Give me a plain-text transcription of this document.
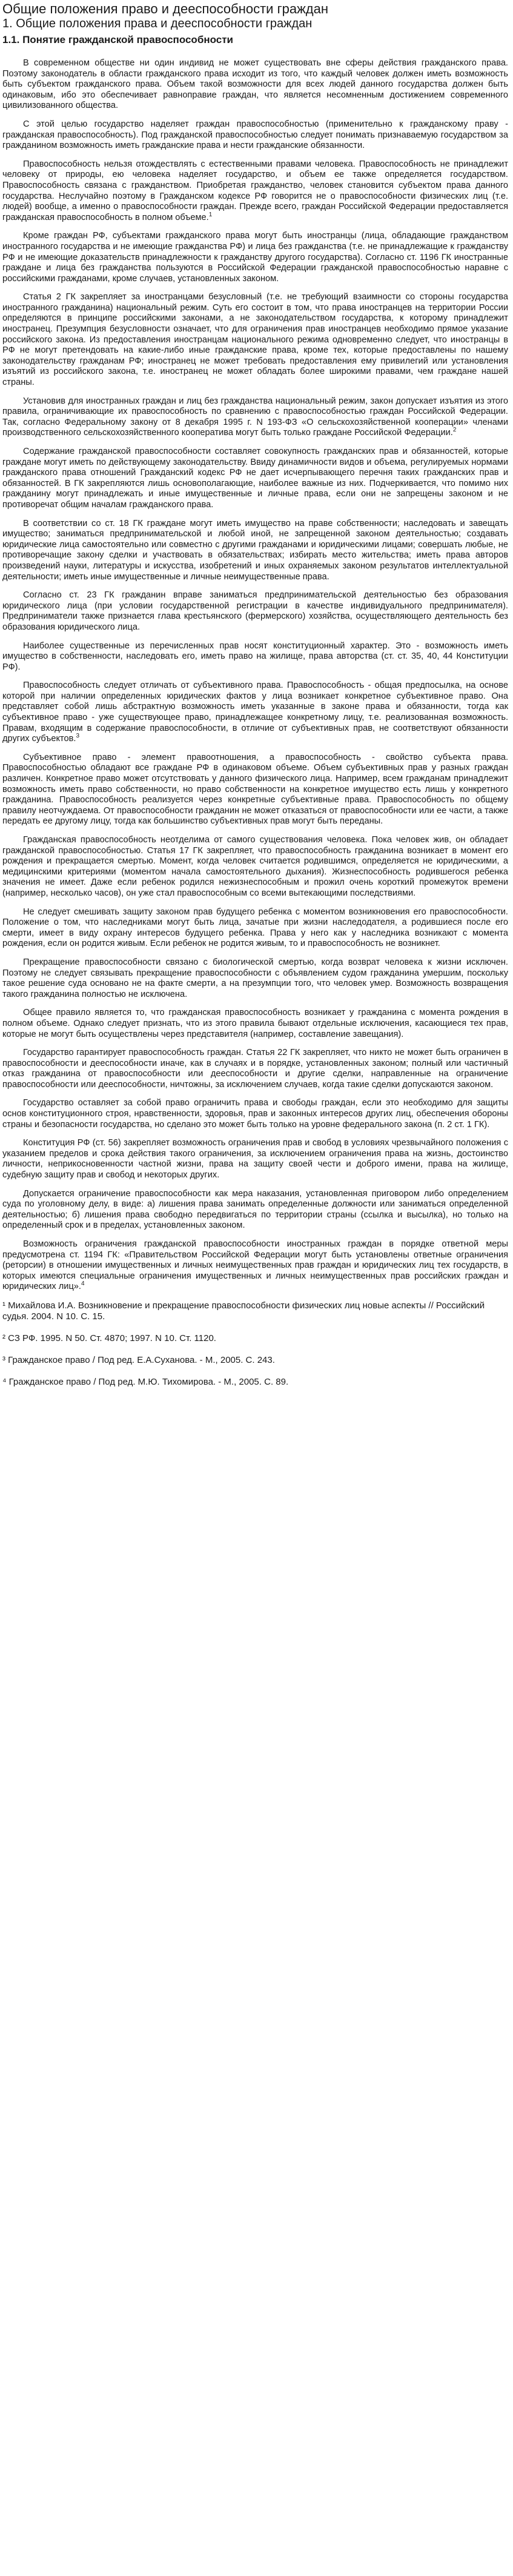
Общие положения право и дееспособности граждан
1. Общие положения права и дееспособности граждан
1.1. Понятие гражданской правоспособности

В современном обществе ни один индивид не может существовать вне сферы действия гражданского права. Поэтому законодатель в области гражданского права исходит из того, что каждый человек должен иметь возможность быть субъектом гражданского права. Объем такой возможности для всех людей данного государства должен быть одинаковым, ибо это обеспечивает равноправие граждан, что является несомненным достижением современного цивилизованного общества.

С этой целью государство наделяет граждан правоспособностью (применительно к гражданскому праву - гражданская правоспособность). Под гражданской правоспособностью следует понимать признаваемую государством за гражданином возможность иметь гражданские права и нести гражданские обязанности.

Правоспособность нельзя отождествлять с естественными правами человека. Правоспособность не принадлежит человеку от природы, ею человека наделяет государство, и объем ее также определяется государством. Правоспособность связана с гражданством. Приобретая гражданство, человек становится субъектом права данного государства. Неслучайно поэтому в Гражданском кодексе РФ говорится не о правоспособности физических лиц (т.е. людей) вообще, а именно о правоспособности граждан. Прежде всего, граждан Российской Федерации предоставляется гражданская правоспособность в полном объеме.$^1$

Кроме граждан РФ, субъектами гражданского права могут быть иностранцы (лица, обладающие гражданством иностранного государства и не имеющие гражданства РФ) и лица без гражданства (т.е. не принадлежащие к гражданству РФ и не имеющие доказательств принадлежности к гражданству другого государства). Согласно ст. 1196 ГК иностранные граждане и лица без гражданства пользуются в Российской Федерации гражданской правоспособностью наравне с российскими гражданами, кроме случаев, установленных законом.

Статья 2 ГК закрепляет за иностранцами безусловный (т.е. не требующий взаимности со стороны государства иностранного гражданина) национальный режим. Суть его состоит в том, что права иностранцев на территории России определяются в принципе российскими законами, а не законодательством государства, к которому принадлежит иностранец. Презумпция безусловности означает, что для ограничения прав иностранцев необходимо прямое указание российского закона. Из предоставления иностранцам национального режима одновременно следует, что иностранцы в РФ не могут претендовать на какие-либо иные гражданские права, кроме тех, которые предоставлены по нашему законодательству гражданам РФ; иностранец не может требовать предоставления ему привилегий или установления изъятий из российского закона, т.е. иностранец не может обладать более широкими правами, чем граждане нашей страны.

Установив для иностранных граждан и лиц без гражданства национальный режим, закон допускает изъятия из этого правила, ограничивающие их правоспособность по сравнению с правоспособностью граждан Российской Федерации. Так, согласно Федеральному закону от 8 декабря 1995 г. N 193-ФЗ «О сельскохозяйственной кооперации» членами производственного сельскохозяйственного кооператива могут быть только граждане Российской Федерации.$^2$

Содержание гражданской правоспособности составляет совокупность гражданских прав и обязанностей, которые граждане могут иметь по действующему законодательству. Ввиду динамичности видов и объема, регулируемых нормами гражданского права отношений Гражданский кодекс РФ не дает исчерпывающего перечня таких гражданских прав и обязанностей. В ГК закрепляются лишь основополагающие, наиболее важные из них. Подчеркивается, что помимо них гражданину могут принадлежать и иные имущественные и личные права, если они не запрещены законом и не противоречат общим началам гражданского права.

В соответствии со ст. 18 ГК граждане могут иметь имущество на праве собственности; наследовать и завещать имущество; заниматься предпринимательской и любой иной, не запрещенной законом деятельностью; создавать юридические лица самостоятельно или совместно с другими гражданами и юридическими лицами; совершать любые, не противоречащие закону сделки и участвовать в обязательствах; избирать место жительства; иметь права авторов произведений науки, литературы и искусства, изобретений и иных охраняемых законом результатов интеллектуальной деятельности; иметь иные имущественные и личные неимущественные права.

Согласно ст. 23 ГК гражданин вправе заниматься предпринимательской деятельностью без образования юридического лица (при условии государственной регистрации в качестве индивидуального предпринимателя). Предприниматели также признается глава крестьянского (фермерского) хозяйства, осуществляющего деятельность без образования юридического лица.

Наиболее существенные из перечисленных прав носят конституционный характер. Это - возможность иметь имущество в собственности, наследовать его, иметь право на жилище, права авторства (ст. ст. 35, 40, 44 Конституции РФ).

Правоспособность следует отличать от субъективного права. Правоспособность - общая предпосылка, на основе которой при наличии определенных юридических фактов у лица возникает конкретное субъективное право. Она представляет собой лишь абстрактную возможность иметь указанные в законе права и обязанности, тогда как субъективное право - уже существующее право, принадлежащее конкретному лицу, т.е. реализованная возможность. Правам, входящим в содержание правоспособности, в отличие от субъективных прав, не соответствуют обязанности других субъектов.$^3$

Субъективное право - элемент правоотношения, а правоспособность - свойство субъекта права. Правоспособностью обладают все граждане РФ в одинаковом объеме. Объем субъективных прав у разных граждан различен. Конкретное право может отсутствовать у данного физического лица. Например, всем гражданам принадлежит возможность иметь право собственности, но право собственности на конкретное имущество есть лишь у конкретного гражданина. Правоспособность реализуется через конкретные субъективные права. Правоспособность по общему правилу неотчуждаема. От правоспособности гражданин не может отказаться от правоспособности или ее части, а также передать ее другому лицу, тогда как большинство субъективных прав могут быть переданы.

Гражданская правоспособность неотделима от самого существования человека. Пока человек жив, он обладает гражданской правоспособностью. Статья 17 ГК закрепляет, что правоспособность гражданина возникает в момент его рождения и прекращается смертью. Момент, когда человек считается родившимся, определяется не юридическими, а медицинскими критериями (моментом начала самостоятельного дыхания). Жизнеспособность родившегося ребенка значения не имеет. Даже если ребенок родился нежизнеспособным и прожил очень короткий промежуток времени (например, несколько часов), он уже стал правоспособным со всеми вытекающими последствиями.

Не следует смешивать защиту законом прав будущего ребенка с моментом возникновения его правоспособности. Положение о том, что наследниками могут быть лица, зачатые при жизни наследодателя, а родившиеся после его смерти, имеет в виду охрану интересов будущего ребенка. Права у него как у наследника возникают с момента рождения, если он родится живым. Если ребенок не родится живым, то и правоспособность не возникнет.

Прекращение правоспособности связано с биологической смертью, когда возврат человека к жизни исключен. Поэтому не следует связывать прекращение правоспособности с объявлением судом гражданина умершим, поскольку такое решение суда основано не на факте смерти, а на презумпции того, что человек умер. Возможность возвращения такого гражданина полностью не исключена.

Общее правило является то, что гражданская правоспособность возникает у гражданина с момента рождения в полном объеме. Однако следует признать, что из этого правила бывают отдельные исключения, касающиеся тех прав, которые не могут быть осуществлены через представителя (например, составление завещания).

Государство гарантирует правоспособность граждан. Статья 22 ГК закрепляет, что никто не может быть ограничен в правоспособности и дееспособности иначе, как в случаях и в порядке, установленных законом; полный или частичный отказ гражданина от правоспособности или дееспособности и другие сделки, направленные на ограничение правоспособности или дееспособности, ничтожны, за исключением случаев, когда такие сделки допускаются законом.

Государство оставляет за собой право ограничить права и свободы граждан, если это необходимо для защиты основ конституционного строя, нравственности, здоровья, прав и законных интересов других лиц, обеспечения обороны страны и безопасности государства, но сделано это может быть только на уровне федерального закона (п. 2 ст. 1 ГК).

Конституция РФ (ст. 56) закрепляет возможность ограничения прав и свобод в условиях чрезвычайного положения с указанием пределов и срока действия такого ограничения, за исключением ограничения права на жизнь, достоинство личности, неприкосновенности частной жизни, права на защиту своей чести и доброго имени, права на жилище, судебную защиту прав и свобод и некоторых других.

Допускается ограничение правоспособности как мера наказания, установленная приговором либо определением суда по уголовному делу, в виде: а) лишения права занимать определенные должности или заниматься определенной деятельностью; б) лишения права свободно передвигаться по территории страны (ссылка и высылка), но только на определенный срок и в пределах, установленных законом.

Возможность ограничения гражданской правоспособности иностранных граждан в порядке ответной меры предусмотрена ст. 1194 ГК: «Правительством Российской Федерации могут быть установлены ответные ограничения (реторсии) в отношении имущественных и личных неимущественных прав граждан и юридических лиц тех государств, в которых имеются специальные ограничения имущественных и личных неимущественных прав российских граждан и юридических лиц».$^4$

¹ Михайлова И.А. Возникновение и прекращение правоспособности физических лиц новые аспекты // Российский судья. 2004. N 10. С. 15.

² СЗ РФ. 1995. N 50. Ст. 4870; 1997. N 10. Ст. 1120.

³ Гражданское право / Под ред. Е.А.Суханова. - М., 2005. С. 243.

⁴ Гражданское право / Под ред. М.Ю. Тихомирова. - М., 2005. С. 89.
